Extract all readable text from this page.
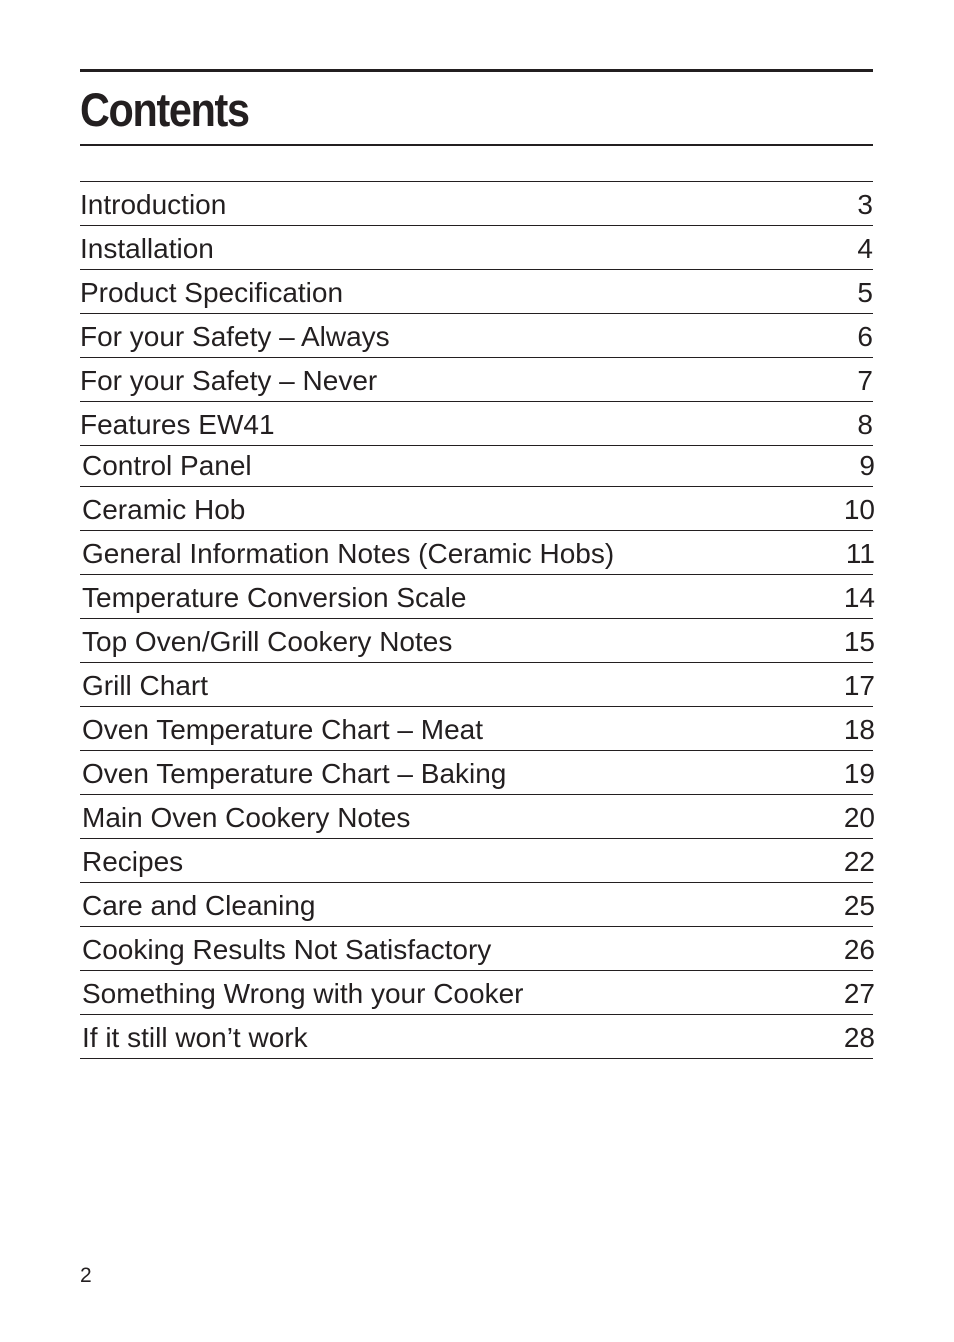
Contents
Introduction	3
Installation	4
Product Specification	5
For your Safety – Always	6
For your Safety – Never	7
Features EW41	8
Control Panel	9
Ceramic Hob	10
General Information Notes (Ceramic Hobs)	11
Temperature Conversion Scale	14
Top Oven/Grill Cookery Notes	15
Grill Chart	17
Oven Temperature Chart – Meat	18
Oven Temperature Chart – Baking	19
Main Oven Cookery Notes	20
Recipes	22
Care and Cleaning	25
Cooking Results Not Satisfactory	26
Something Wrong with your Cooker	27
If it still won’t work	28
2
